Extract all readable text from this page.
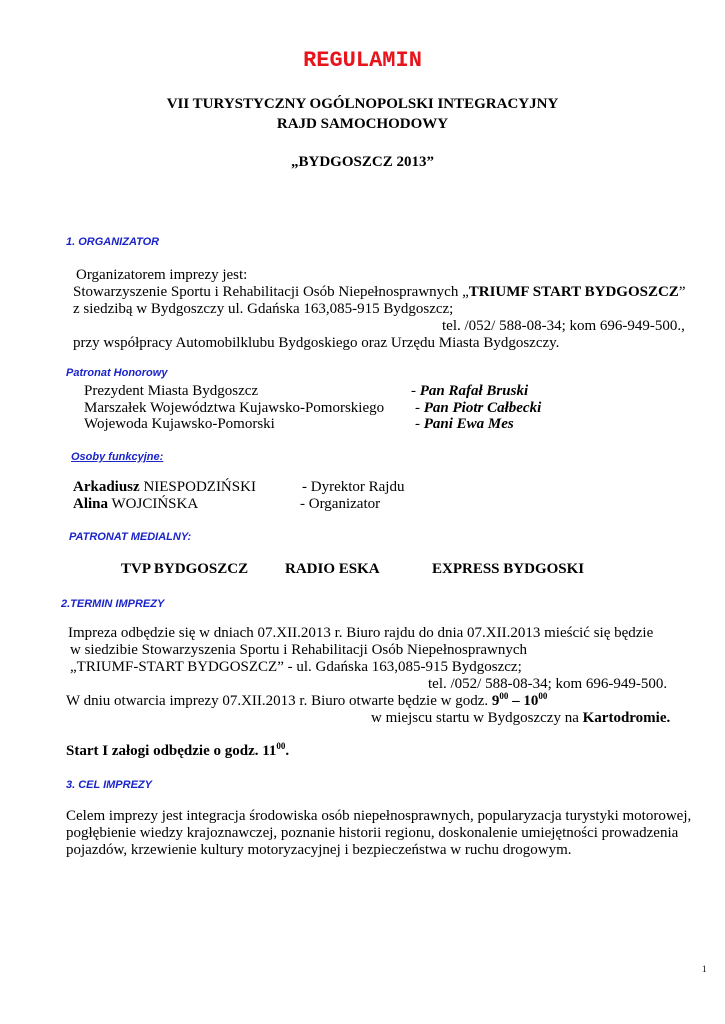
REGULAMIN
VII TURYSTYCZNY OGÓLNOPOLSKI INTEGRACYJNY
RAJD SAMOCHODOWY
„BYDGOSZCZ 2013”
1. ORGANIZATOR
Organizatorem imprezy jest:
Stowarzyszenie Sportu i Rehabilitacji Osób Niepełnosprawnych „TRIUMF START BYDGOSZCZ”
z siedzibą w Bydgoszczy ul. Gdańska 163,085-915 Bydgoszcz;
tel. /052/ 588-08-34; kom 696-949-500.,
przy współpracy Automobilklubu Bydgoskiego oraz Urzędu Miasta Bydgoszczy.
Patronat Honorowy
Prezydent Miasta Bydgoszcz	- Pan Rafał Bruski
Marszałek Województwa Kujawsko-Pomorskiego - Pan Piotr Całbecki
Wojewoda Kujawsko-Pomorski	- Pani Ewa Mes
Osoby funkcyjne:
Arkadiusz NIESPODZIŃSKI	- Dyrektor Rajdu
Alina WOJCIŃSKA	- Organizator
PATRONAT MEDIALNY:
TVP BYDGOSZCZ RADIO ESKA	EXPRESS BYDGOSKI
2.TERMIN IMPREZY
Impreza odbędzie się w dniach 07.XII.2013 r. Biuro rajdu do dnia 07.XII.2013 mieścić się będzie
w siedzibie Stowarzyszenia Sportu i Rehabilitacji Osób Niepełnosprawnych
„TRIUMF-START BYDGOSZCZ” - ul. Gdańska 163,085-915 Bydgoszcz;
tel. /052/ 588-08-34; kom 696-949-500.
W dniu otwarcia imprezy 07.XII.2013 r. Biuro otwarte będzie w godz. $9^{00} - 10^{00}$
w miejscu startu w Bydgoszczy na Kartodromie.
Start I załogi odbędzie o godz. $11^{00}$.
3. CEL IMPREZY
Celem imprezy jest integracja środowiska osób niepełnosprawnych, popularyzacja turystyki motorowej,
pogłębienie wiedzy krajoznawczej, poznanie historii regionu, doskonalenie umiejętności prowadzenia
pojazdów, krzewienie kultury motoryzacyjnej i bezpieczeństwa w ruchu drogowym.
1
